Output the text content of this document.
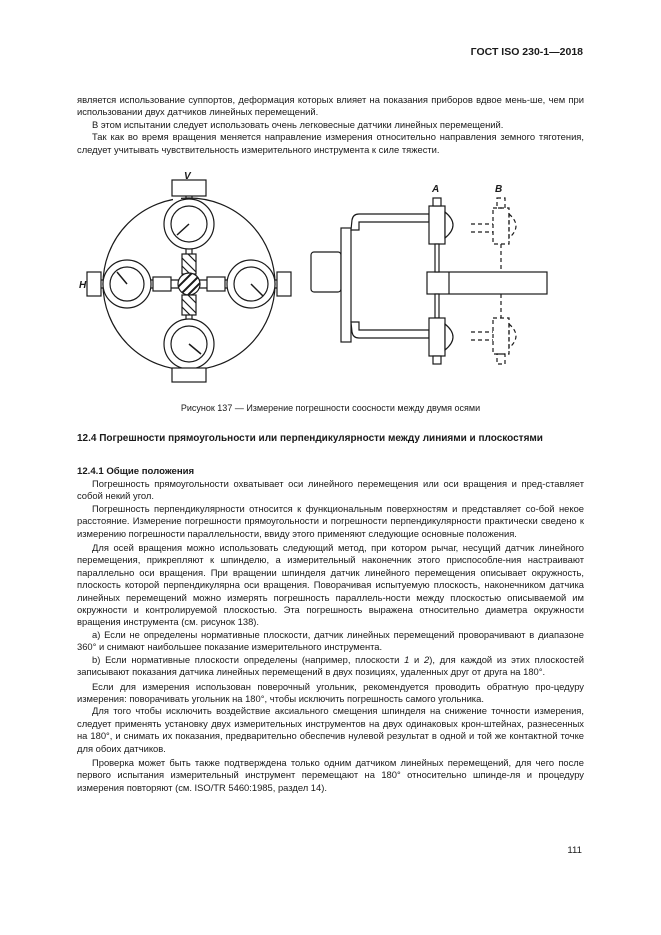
ГОСТ ISO 230-1—2018

является использование суппортов, деформация которых влияет на показания приборов вдвое мень-ше, чем при использовании двух датчиков линейных перемещений.

В этом испытании следует использовать очень легковесные датчики линейных перемещений.

Так как во время вращения меняется направление измерения относительно направления земного тяготения, следует учитывать чувствительность измерительного инструмента к силе тяжести.

V
H
A	B
Рисунок 137 — Измерение погрешности соосности между двумя осями
12.4 Погрешности прямоугольности или перпендикулярности между линиями и плоскостями
12.4.1 Общие положения

Погрешность прямоугольности охватывает оси линейного перемещения или оси вращения и пред-ставляет собой некий угол.

Погрешность перпендикулярности относится к функциональным поверхностям и представляет со-бой некое расстояние. Измерение погрешности прямоугольности и погрешности перпендикулярности практически сведено к измерению погрешности параллельности, ввиду этого применяют следующие основные положения.

Для осей вращения можно использовать следующий метод, при котором рычаг, несущий датчик линейного перемещения, прикрепляют к шпинделю, а измерительный наконечник этого приспособле-ния настраивают параллельно оси вращения. При вращении шпинделя датчик линейного перемещения описывает окружность, плоскость которой перпендикулярна оси вращения. Поворачивая испытуемую плоскость, наконечником датчика линейных перемещений можно измерять погрешность параллель-ности между плоскостью описываемой им окружности и контролируемой плоскостью. Эта погрешность выражена относительно диаметра окружности вращения инструмента (см. рисунок 138).

a) Если не определены нормативные плоскости, датчик линейных перемещений проворачивают в диапазоне 360° и снимают наибольшее показание измерительного инструмента.

b) Если нормативные плоскости определены (например, плоскости 1 и 2), для каждой из этих плоскостей записывают показания датчика линейных перемещений в двух позициях, удаленных друг от друга на 180°.

Если для измерения использован поверочный угольник, рекомендуется проводить обратную про-цедуру измерения: поворачивать угольник на 180°, чтобы исключить погрешность самого угольника.

Для того чтобы исключить воздействие аксиального смещения шпинделя на снижение точности измерения, следует применять установку двух измерительных инструментов на двух одинаковых крон-штейнах, разнесенных на 180°, и снимать их показания, предварительно обеспечив нулевой результат в одной и той же контактной точке для обоих датчиков.

Проверка может быть также подтверждена только одним датчиком линейных перемещений, для чего после первого испытания измерительный инструмент перемещают на 180° относительно шпинде-ля и процедуру измерения повторяют (см. ISO/TR 5460:1985, раздел 14).

111
